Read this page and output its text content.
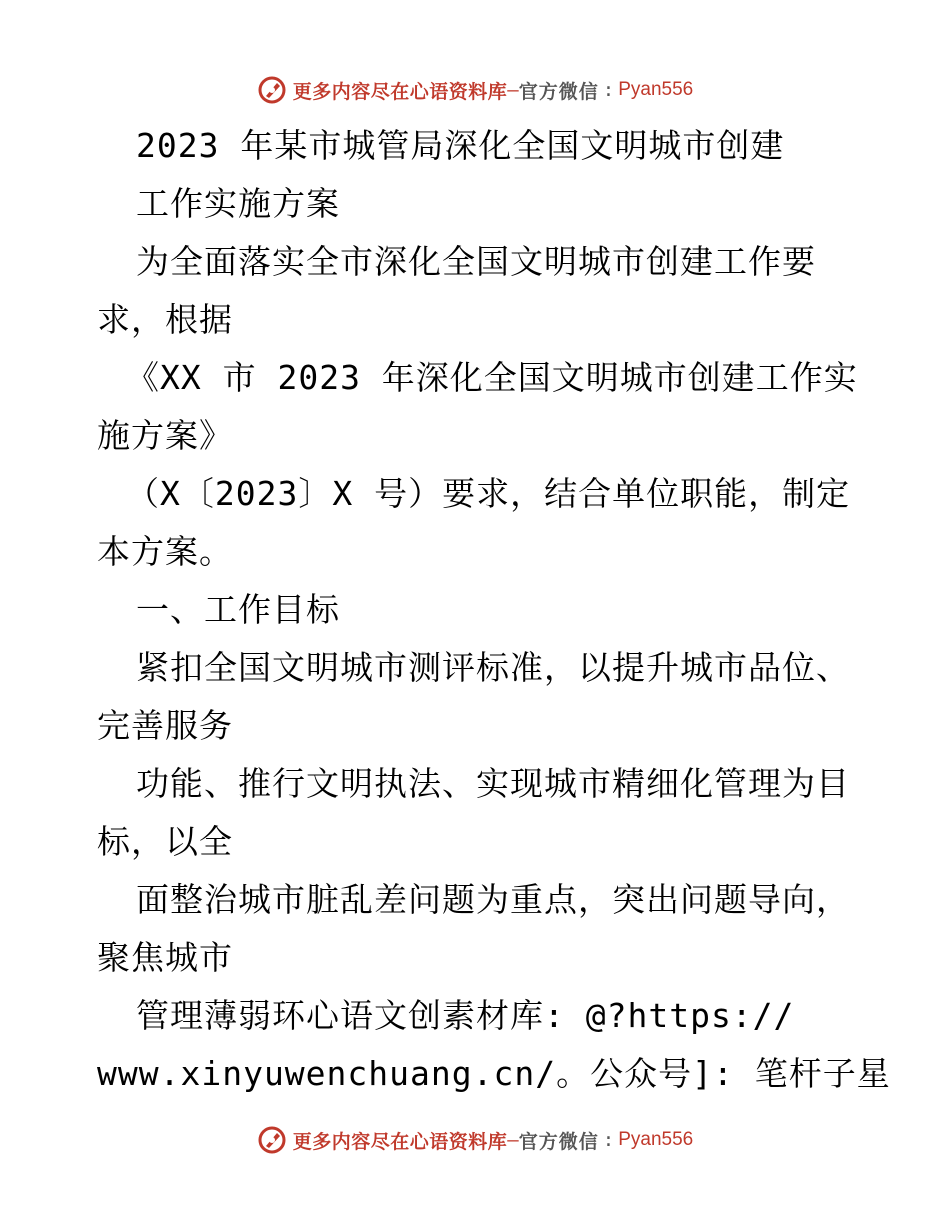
更多内容尽在心语资料库 — 官方微信 : Pyan556
2023 年某市城管局深化全国文明城市创建
工作实施方案
为全面落实全市深化全国文明城市创建工作要
求，根据
《XX 市 2023 年深化全国文明城市创建工作实
施方案》
（X〔2023〕X 号）要求，结合单位职能，制定
本方案。
一、工作目标
紧扣全国文明城市测评标准，以提升城市品位、
完善服务
功能、推行文明执法、实现城市精细化管理为目
标，以全
面整治城市脏乱差问题为重点，突出问题导向，
聚焦城市
管理薄弱环心语文创素材库: @?https://
www.xinyuwenchuang.cn/。公众号]: 笔杆子星
更多内容尽在心语资料库 — 官方微信 : Pyan556
